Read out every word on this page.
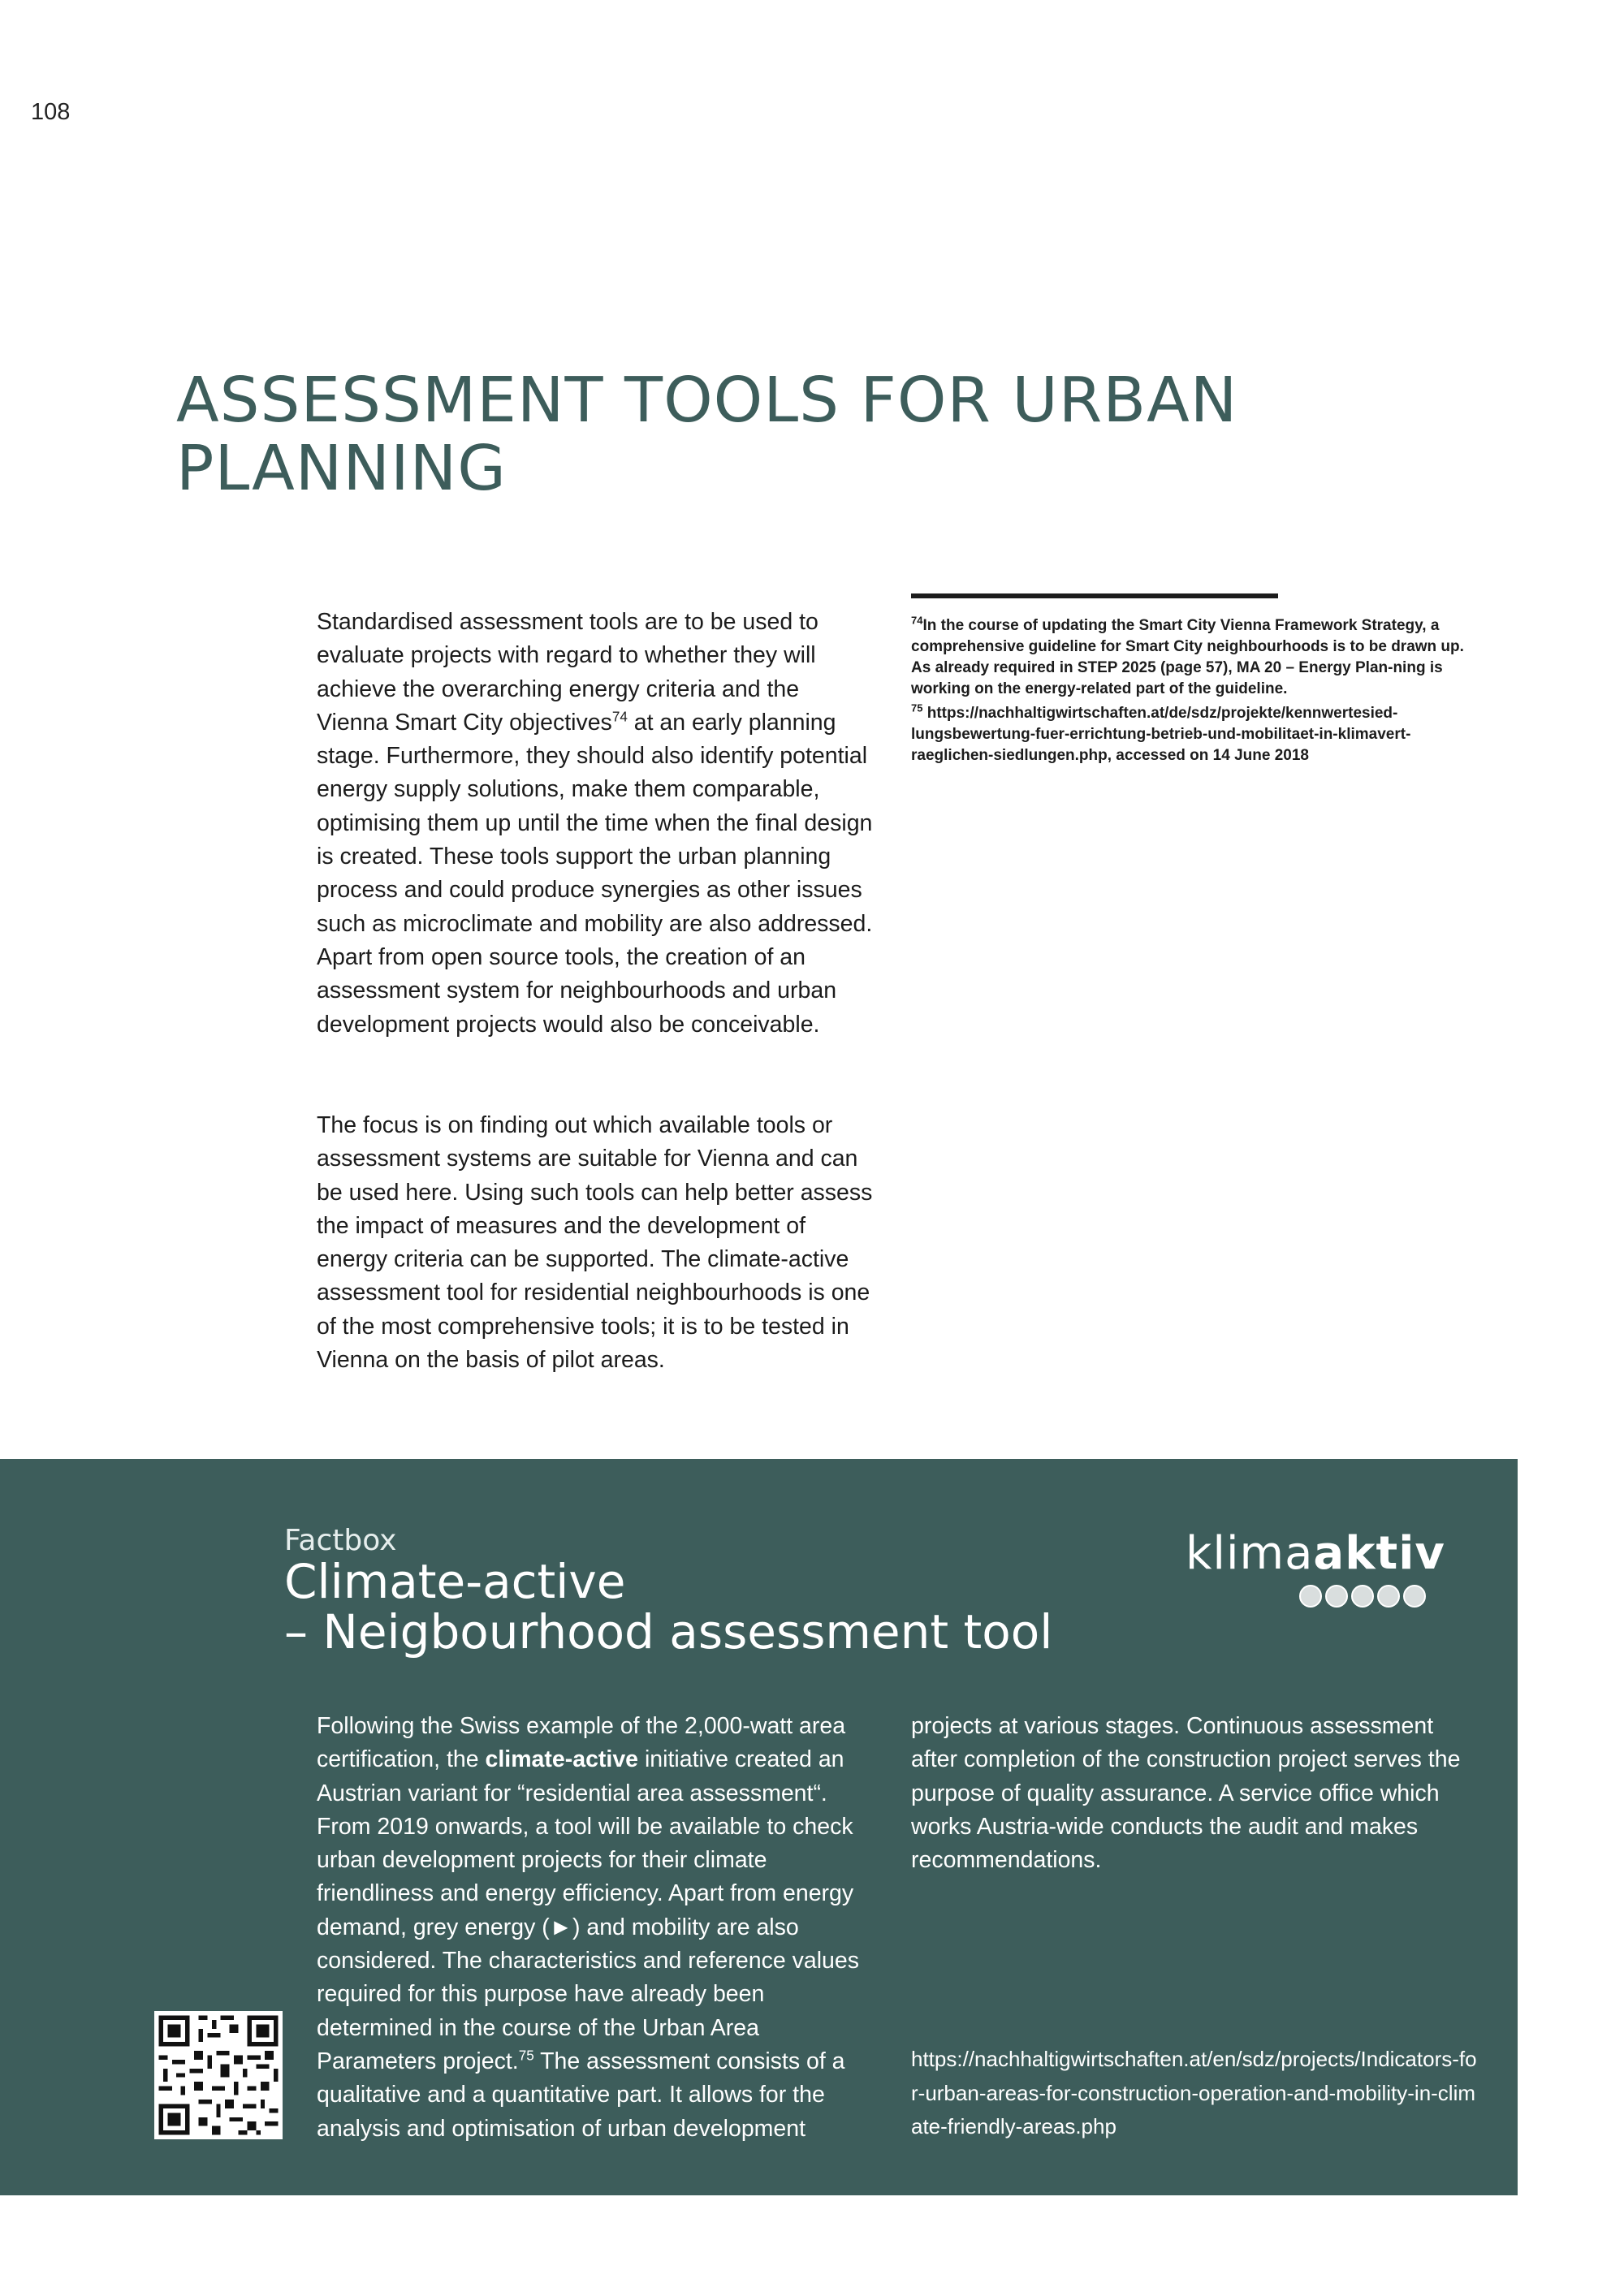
108
ASSESSMENT TOOLS FOR URBAN
PLANNING

Standardised assessment tools are to be used to evaluate projects with regard to whether they will achieve the overarching energy criteria and the Vienna Smart City objectives$^{74}$ at an early planning stage. Furthermore, they should also identify potential energy supply solutions, make them comparable, optimising them up until the time when the final design is created. These tools support the urban planning process and could produce synergies as other issues such as microclimate and mobility are also addressed. Apart from open source tools, the creation of an assessment system for neighbourhoods and urban development projects would also be conceivable.

The focus is on finding out which available tools or assessment systems are suitable for Vienna and can be used here. Using such tools can help better assess the impact of measures and the development of energy criteria can be supported. The climate-active assessment tool for residential neighbourhoods is one of the most comprehensive tools; it is to be tested in Vienna on the basis of pilot areas.

$^{74}$In the course of updating the Smart City Vienna Framework Strategy, a comprehensive guideline for Smart City neighbourhoods is to be drawn up. As already required in STEP 2025 (page 57), MA 20 – Energy Plan-ning is working on the energy-related part of the guideline.

$^{75}$ https://nachhaltigwirtschaften.at/de/sdz/projekte/kennwertesied-lungsbewertung-fuer-errichtung-betrieb-und-mobilitaet-in-klimavert-raeglichen-siedlungen.php, accessed on 14 June 2018

Factbox
Climate-active
– Neigbourhood assessment tool
klimaaktiv

Following the Swiss example of the 2,000-watt area certification, the climate-active initiative created an Austrian variant for “residential area assessment“. From 2019 onwards, a tool will be available to check urban development projects for their climate friendliness and energy efficiency. Apart from energy demand, grey energy (►) and mobility are also considered. The characteristics and reference values required for this purpose have already been determined in the course of the Urban Area Parameters project.$^{75}$ The assessment consists of a qualitative and a quantitative part. It allows for the analysis and optimisation of urban development

projects at various stages. Continuous assessment after completion of the construction project serves the purpose of quality assurance. A service office which works Austria-wide conducts the audit and makes recommendations.

https://nachhaltigwirtschaften.at/en/sdz/projects/Indicators-for-urban-areas-for-construction-operation-and-mobility-in-climate-friendly-areas.php
